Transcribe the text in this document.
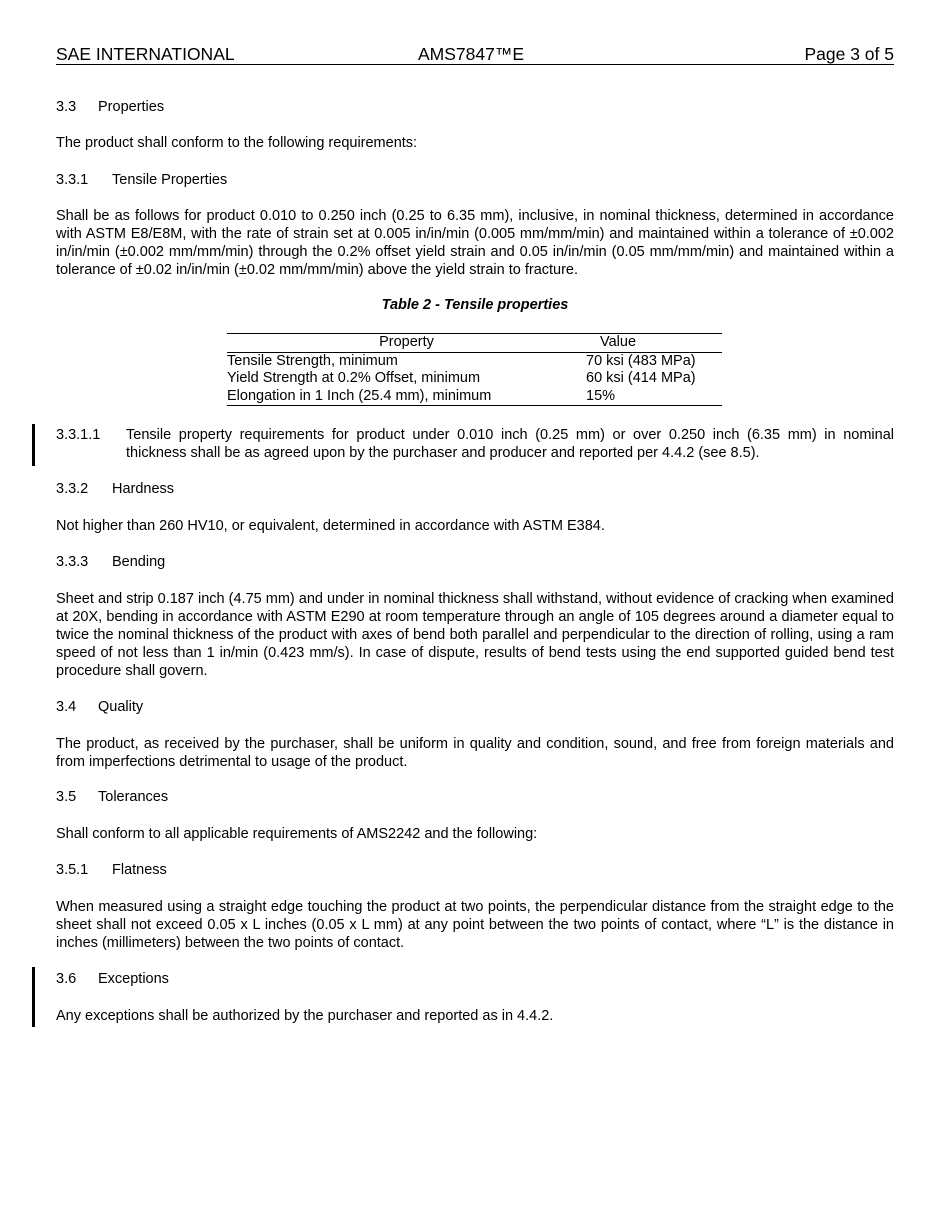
SAE INTERNATIONAL	AMS7847™E	Page 3 of 5
3.3 Properties
The product shall conform to the following requirements:
3.3.1 Tensile Properties
Shall be as follows for product 0.010 to 0.250 inch (0.25 to 6.35 mm), inclusive, in nominal thickness, determined in accordance with ASTM E8/E8M, with the rate of strain set at 0.005 in/in/min (0.005 mm/mm/min) and maintained within a tolerance of ±0.002 in/in/min (±0.002 mm/mm/min) through the 0.2% offset yield strain and 0.05 in/in/min (0.05 mm/mm/min) and maintained within a tolerance of ±0.02 in/in/min (±0.02 mm/mm/min) above the yield strain to fracture.
Table 2 - Tensile properties
Property	Value
Tensile Strength, minimum	70 ksi (483 MPa)
Yield Strength at 0.2% Offset, minimum	60 ksi (414 MPa)
Elongation in 1 Inch (25.4 mm), minimum	15%
3.3.1.1	Tensile property requirements for product under 0.010 inch (0.25 mm) or over 0.250 inch (6.35 mm) in nominal thickness shall be as agreed upon by the purchaser and producer and reported per 4.4.2 (see 8.5).
3.3.2 Hardness
Not higher than 260 HV10, or equivalent, determined in accordance with ASTM E384.
3.3.3 Bending
Sheet and strip 0.187 inch (4.75 mm) and under in nominal thickness shall withstand, without evidence of cracking when examined at 20X, bending in accordance with ASTM E290 at room temperature through an angle of 105 degrees around a diameter equal to twice the nominal thickness of the product with axes of bend both parallel and perpendicular to the direction of rolling, using a ram speed of not less than 1 in/min (0.423 mm/s). In case of dispute, results of bend tests using the end supported guided bend test procedure shall govern.
3.4 Quality
The product, as received by the purchaser, shall be uniform in quality and condition, sound, and free from foreign materials and from imperfections detrimental to usage of the product.
3.5 Tolerances
Shall conform to all applicable requirements of AMS2242 and the following:
3.5.1 Flatness
When measured using a straight edge touching the product at two points, the perpendicular distance from the straight edge to the sheet shall not exceed 0.05 x L inches (0.05 x L mm) at any point between the two points of contact, where “L” is the distance in inches (millimeters) between the two points of contact.
3.6 Exceptions
Any exceptions shall be authorized by the purchaser and reported as in 4.4.2.
